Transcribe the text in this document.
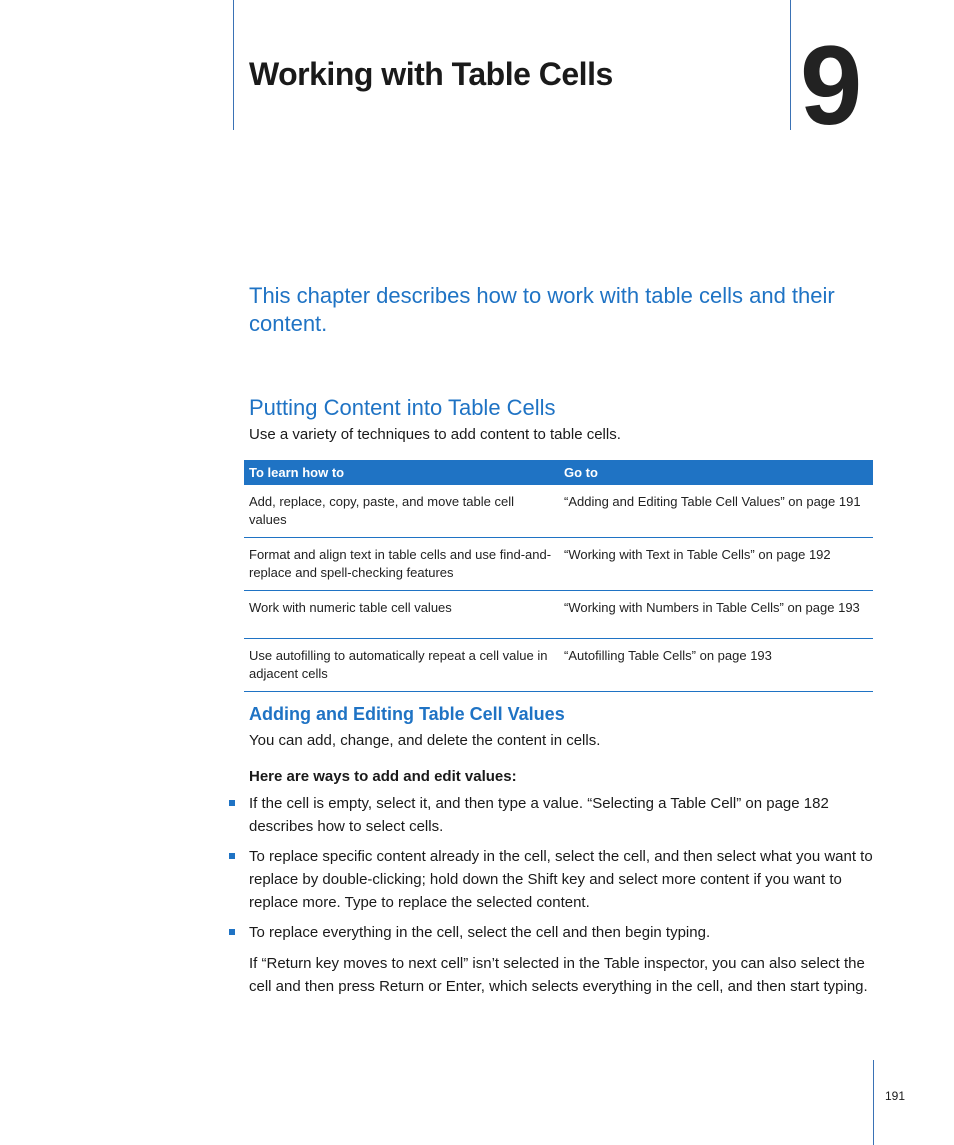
Working with Table Cells 9
This chapter describes how to work with table cells and their content.
Putting Content into Table Cells
Use a variety of techniques to add content to table cells.
To learn how to	Go to
Add, replace, copy, paste, and move table cell values	“Adding and Editing Table Cell Values” on page 191
Format and align text in table cells and use find-and-replace and spell-checking features	“Working with Text in Table Cells” on page 192
Work with numeric table cell values	“Working with Numbers in Table Cells” on page 193
Use autofilling to automatically repeat a cell value in adjacent cells	“Autofilling Table Cells” on page 193
Adding and Editing Table Cell Values
You can add, change, and delete the content in cells.
Here are ways to add and edit values:
If the cell is empty, select it, and then type a value. “Selecting a Table Cell” on page 182 describes how to select cells.
To replace specific content already in the cell, select the cell, and then select what you want to replace by double-clicking; hold down the Shift key and select more content if you want to replace more. Type to replace the selected content.
To replace everything in the cell, select the cell and then begin typing.
If “Return key moves to next cell” isn’t selected in the Table inspector, you can also select the cell and then press Return or Enter, which selects everything in the cell, and then start typing.
191
